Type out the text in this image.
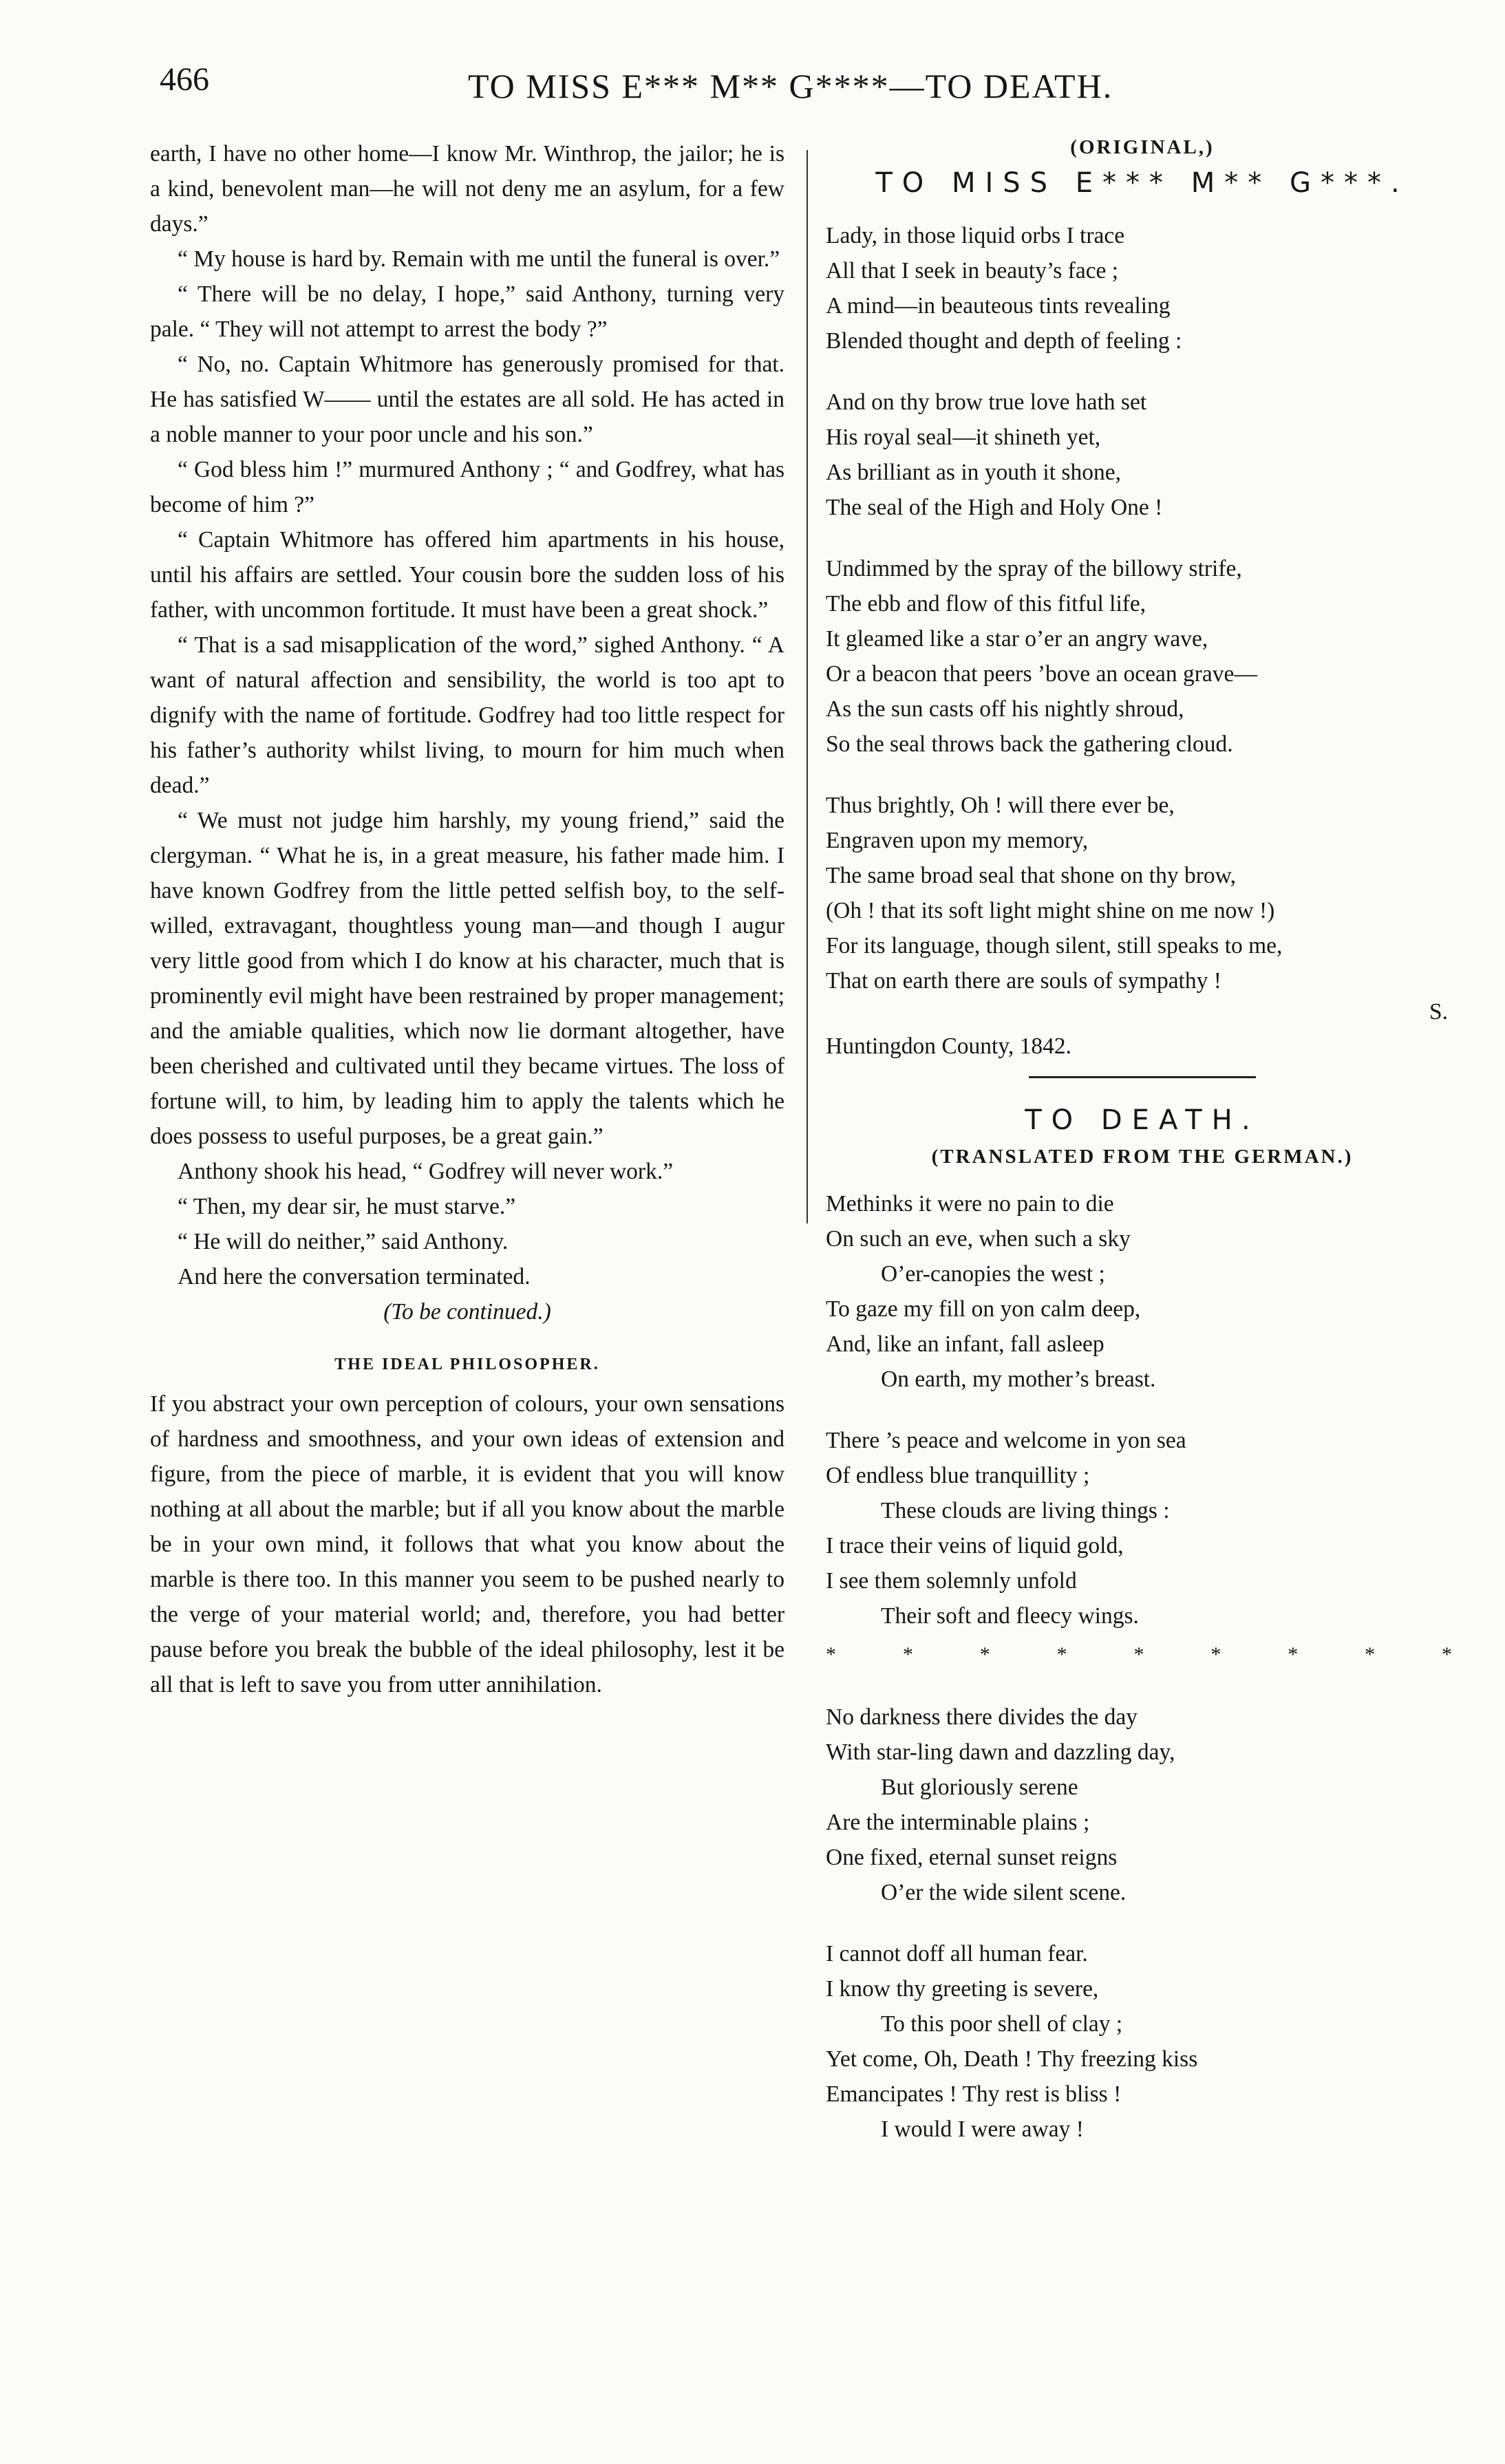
466	TO MISS E*** M** G****—TO DEATH.

earth, I have no other home—I know Mr. Winthrop, the jailor; he is a kind, benevolent man—he will not deny me an asylum, for a few days.”

“ My house is hard by. Remain with me until the funeral is over.”

“ There will be no delay, I hope,” said Anthony, turning very pale. “ They will not attempt to arrest the body ?”

“ No, no. Captain Whitmore has generously promised for that. He has satisfied W—— until the estates are all sold. He has acted in a noble manner to your poor uncle and his son.”

“ God bless him !” murmured Anthony ; “ and Godfrey, what has become of him ?”

“ Captain Whitmore has offered him apartments in his house, until his affairs are settled. Your cousin bore the sudden loss of his father, with uncommon fortitude. It must have been a great shock.”

“ That is a sad misapplication of the word,” sighed Anthony. “ A want of natural affection and sensibility, the world is too apt to dignify with the name of fortitude. Godfrey had too little respect for his father’s authority whilst living, to mourn for him much when dead.”

“ We must not judge him harshly, my young friend,” said the clergyman. “ What he is, in a great measure, his father made him. I have known Godfrey from the little petted selfish boy, to the self-willed, extravagant, thoughtless young man—and though I augur very little good from which I do know at his character, much that is prominently evil might have been restrained by proper management; and the amiable qualities, which now lie dormant altogether, have been cherished and cultivated until they became virtues. The loss of fortune will, to him, by leading him to apply the talents which he does possess to useful purposes, be a great gain.”

Anthony shook his head, “ Godfrey will never work.”

“ Then, my dear sir, he must starve.”

“ He will do neither,” said Anthony.

And here the conversation terminated.

(To be continued.)

THE IDEAL PHILOSOPHER.

If you abstract your own perception of colours, your own sensations of hardness and smoothness, and your own ideas of extension and figure, from the piece of marble, it is evident that you will know nothing at all about the marble; but if all you know about the marble be in your own mind, it follows that what you know about the marble is there too. In this manner you seem to be pushed nearly to the verge of your material world; and, therefore, you had better pause before you break the bubble of the ideal philosophy, lest it be all that is left to save you from utter annihilation.

(ORIGINAL,)
TO MISS E*** M** G***.
Lady, in those liquid orbs I trace
All that I seek in beauty’s face ;
A mind—in beauteous tints revealing
Blended thought and depth of feeling :
And on thy brow true love hath set
His royal seal—it shineth yet,
As brilliant as in youth it shone,
The seal of the High and Holy One !
Undimmed by the spray of the billowy strife,
The ebb and flow of this fitful life,
It gleamed like a star o’er an angry wave,
Or a beacon that peers ’bove an ocean grave—
As the sun casts off his nightly shroud,
So the seal throws back the gathering cloud.
Thus brightly, Oh ! will there ever be,
Engraven upon my memory,
The same broad seal that shone on thy brow,
(Oh ! that its soft light might shine on me now !)
For its language, though silent, still speaks to me,
That on earth there are souls of sympathy !
S.
Huntingdon County, 1842.
TO DEATH.
(TRANSLATED FROM THE GERMAN.)
Methinks it were no pain to die
On such an eve, when such a sky
O’er-canopies the west ;
To gaze my fill on yon calm deep,
And, like an infant, fall asleep
On earth, my mother’s breast.
There ’s peace and welcome in yon sea
Of endless blue tranquillity ;
These clouds are living things :
I trace their veins of liquid gold,
I see them solemnly unfold
Their soft and fleecy wings.
*	*	*	*	*	*	*	*	*
No darkness there divides the day
With star-ling dawn and dazzling day,
But gloriously serene
Are the interminable plains ;
One fixed, eternal sunset reigns
O’er the wide silent scene.
I cannot doff all human fear.
I know thy greeting is severe,
To this poor shell of clay ;
Yet come, Oh, Death ! Thy freezing kiss
Emancipates ! Thy rest is bliss !
I would I were away !
